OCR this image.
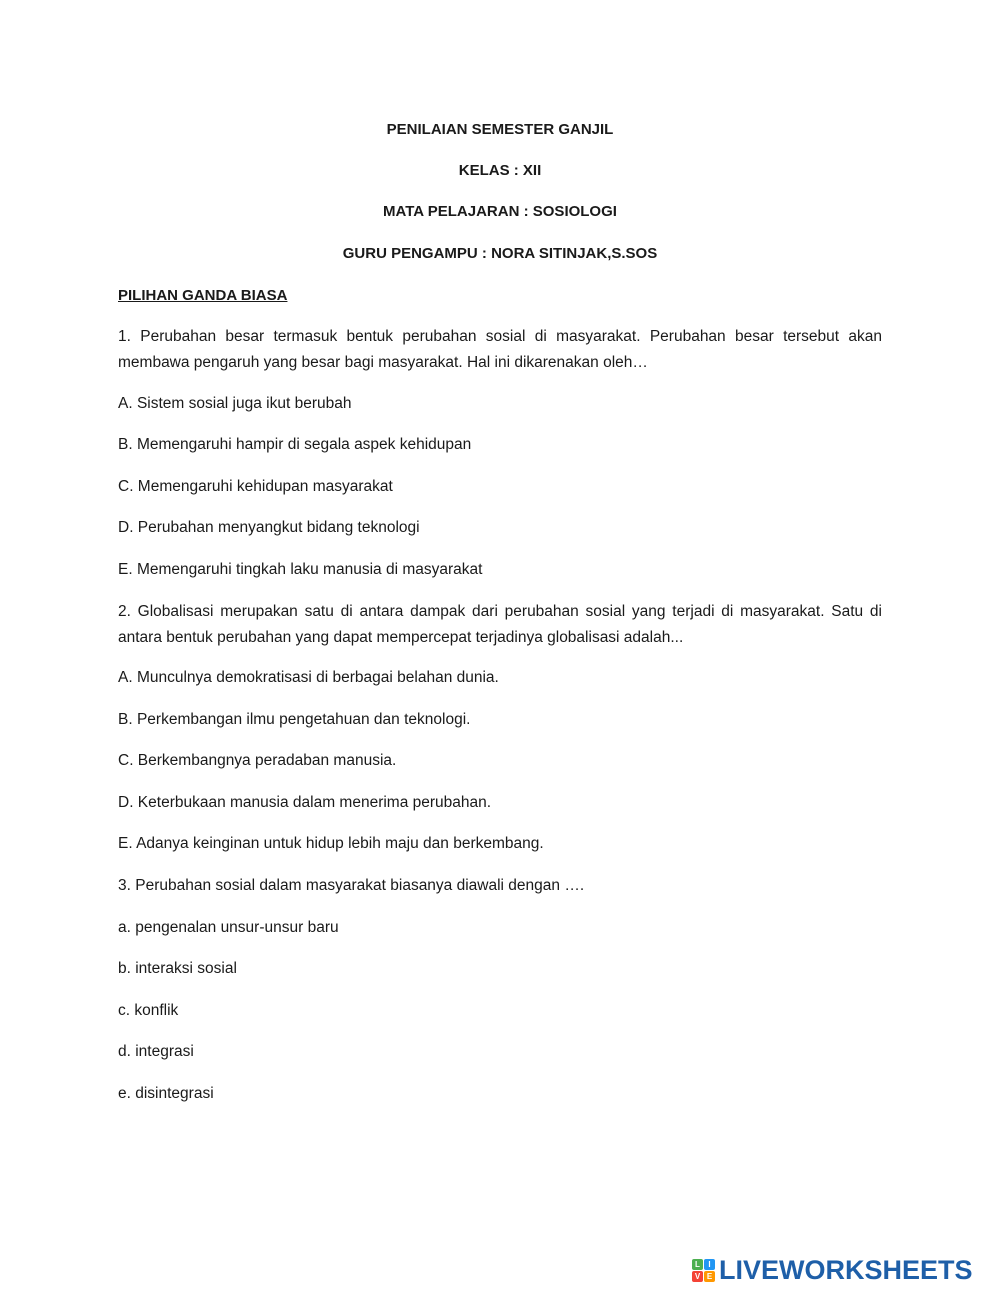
PENILAIAN SEMESTER GANJIL
KELAS : XII
MATA PELAJARAN : SOSIOLOGI
GURU PENGAMPU : NORA SITINJAK,S.SOS
PILIHAN GANDA BIASA
1. Perubahan besar termasuk bentuk perubahan sosial di masyarakat. Perubahan besar tersebut akan membawa pengaruh yang besar bagi masyarakat. Hal ini dikarenakan oleh…
A. Sistem sosial juga ikut berubah
B. Memengaruhi hampir di segala aspek kehidupan
C. Memengaruhi kehidupan masyarakat
D. Perubahan menyangkut bidang teknologi
E. Memengaruhi tingkah laku manusia di masyarakat
2. Globalisasi merupakan satu di antara dampak dari perubahan sosial yang terjadi di masyarakat. Satu di antara bentuk perubahan yang dapat mempercepat terjadinya globalisasi adalah...
A. Munculnya demokratisasi di berbagai belahan dunia.
B. Perkembangan ilmu pengetahuan dan teknologi.
C. Berkembangnya peradaban manusia.
D. Keterbukaan manusia dalam menerima perubahan.
E. Adanya keinginan untuk hidup lebih maju dan berkembang.
3. Perubahan sosial dalam masyarakat biasanya diawali dengan ….
a. pengenalan unsur-unsur baru
b. interaksi sosial
c. konflik
d. integrasi
e. disintegrasi
L	I
V E LIVEWORKSHEETS
